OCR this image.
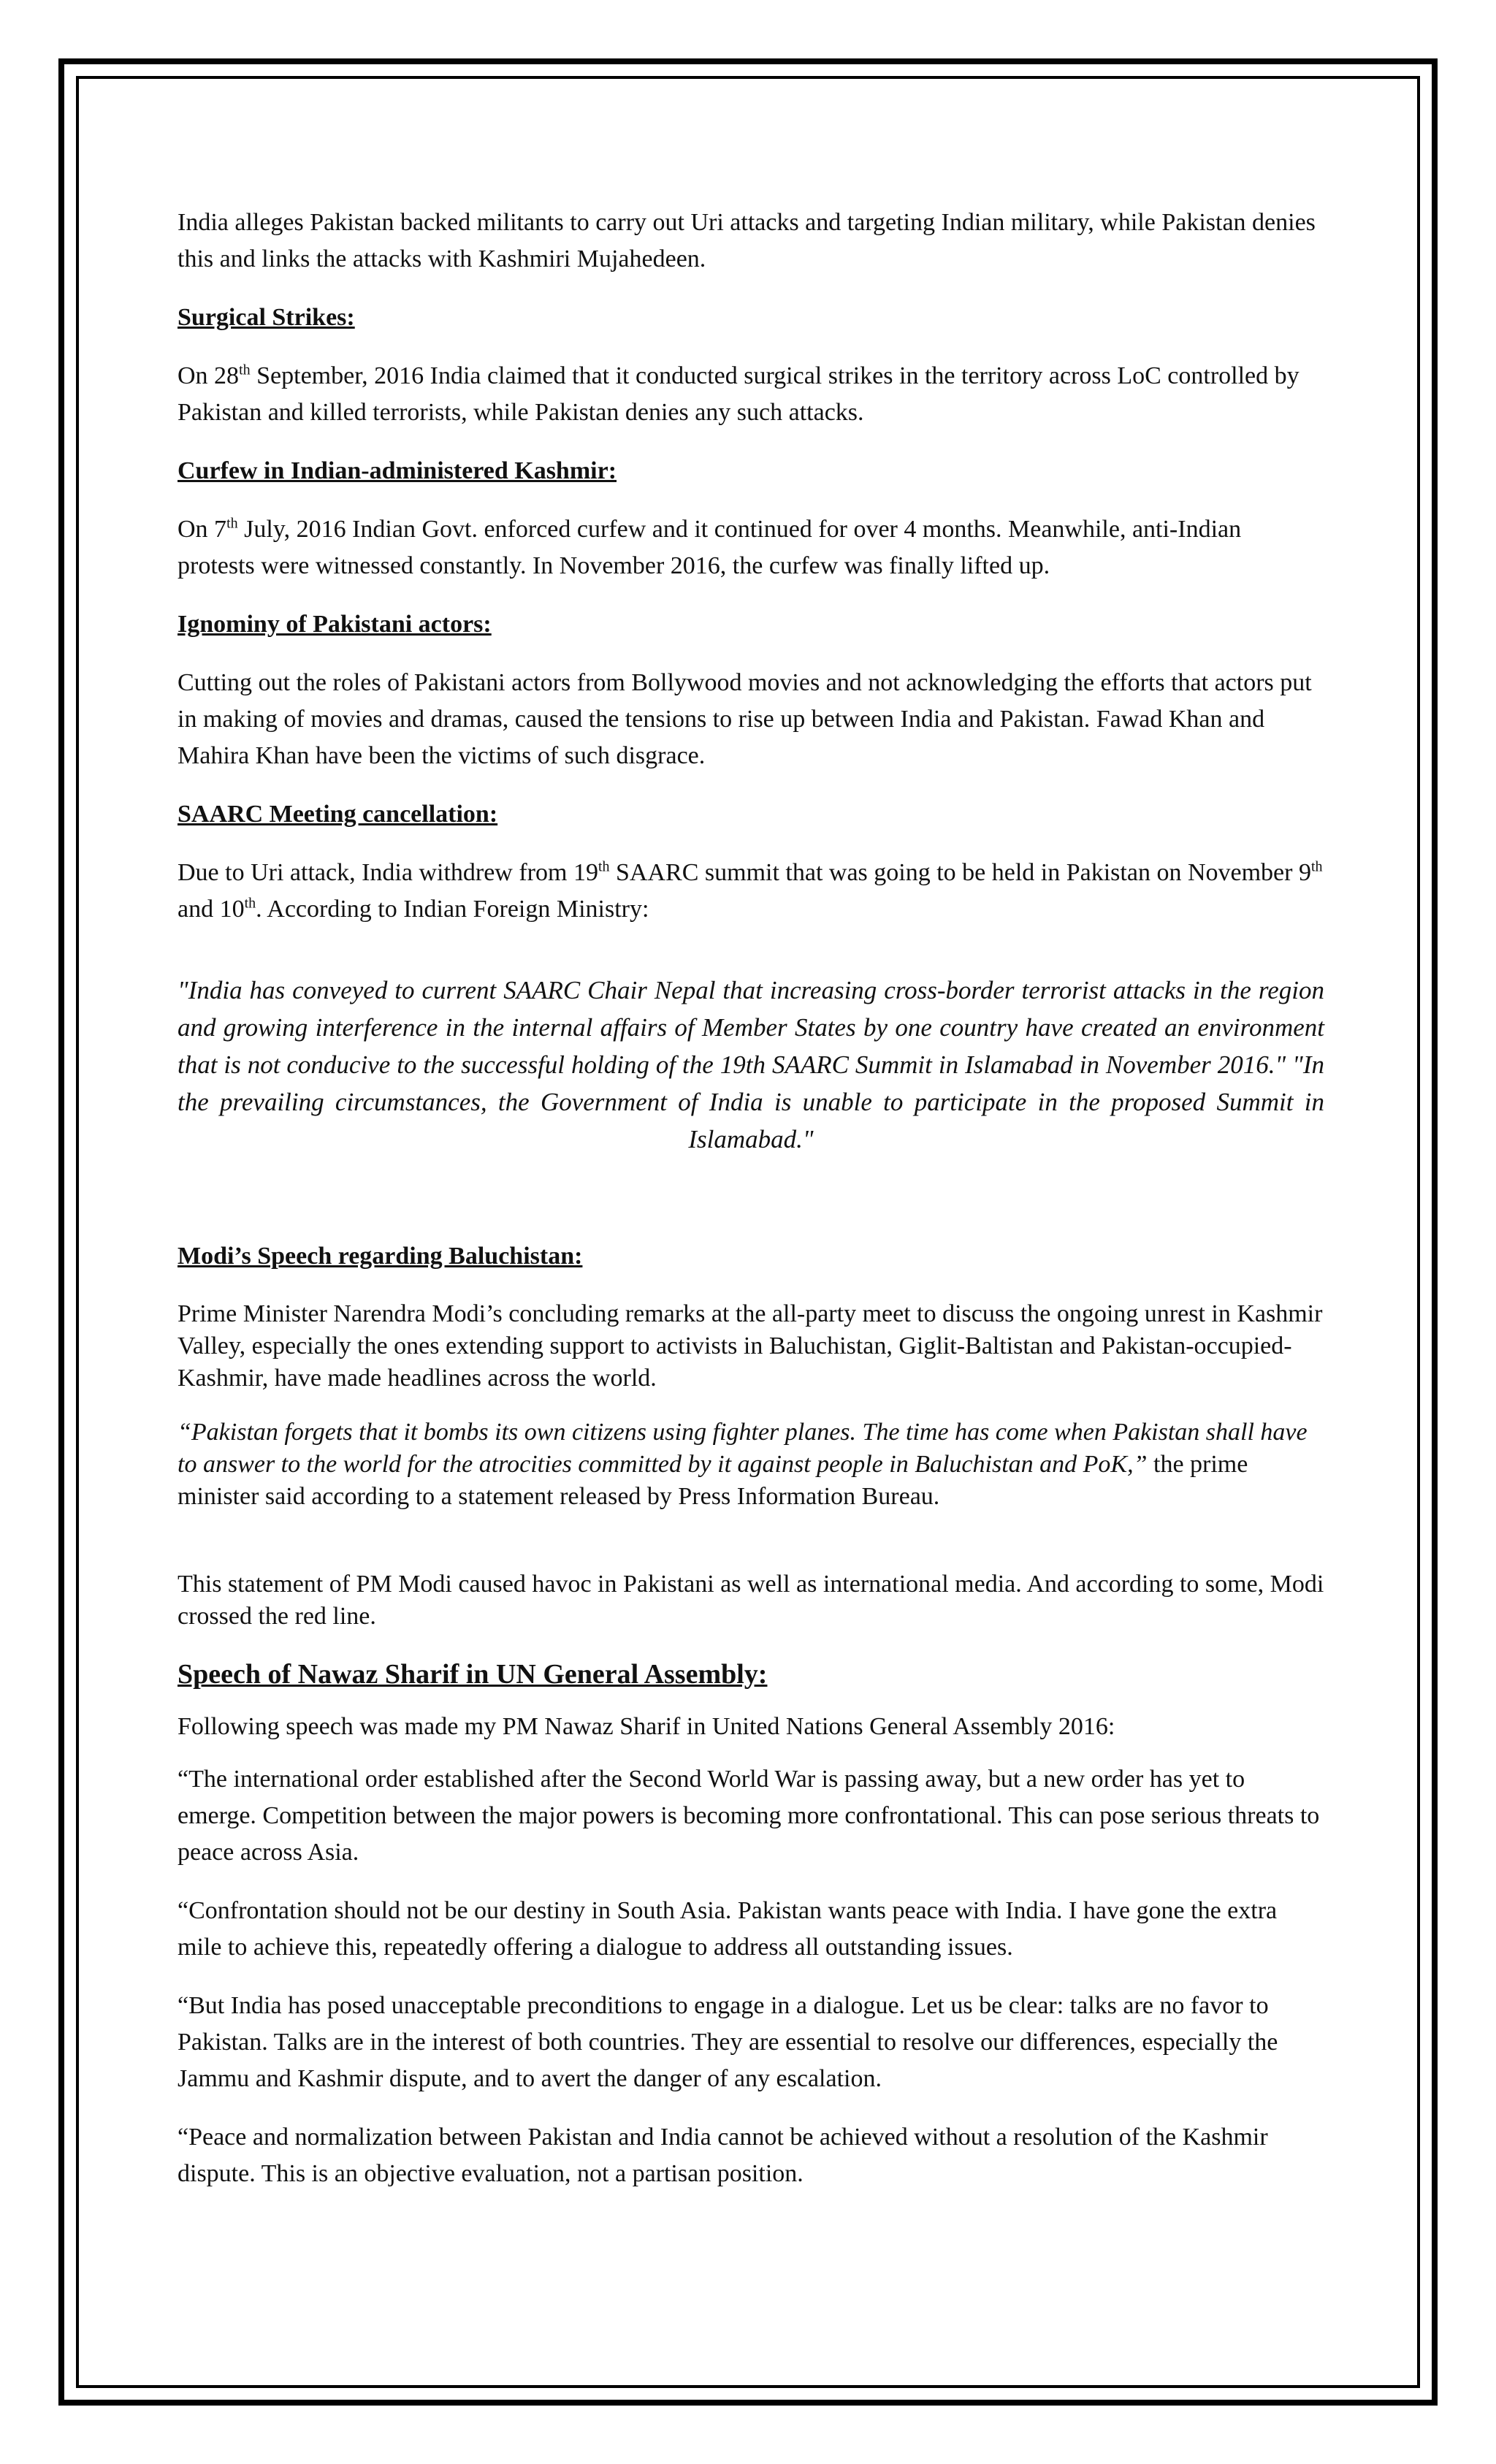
India alleges Pakistan backed militants to carry out Uri attacks and targeting Indian military, while Pakistan denies this and links the attacks with Kashmiri Mujahedeen.

Surgical Strikes:

On 28th September, 2016 India claimed that it conducted surgical strikes in the territory across LoC controlled by Pakistan and killed terrorists, while Pakistan denies any such attacks.

Curfew in Indian-administered Kashmir:

On 7th July, 2016 Indian Govt. enforced curfew and it continued for over 4 months. Meanwhile, anti-Indian protests were witnessed constantly. In November 2016, the curfew was finally lifted up.

Ignominy of Pakistani actors:

Cutting out the roles of Pakistani actors from Bollywood movies and not acknowledging the efforts that actors put in making of movies and dramas, caused the tensions to rise up between India and Pakistan. Fawad Khan and Mahira Khan have been the victims of such disgrace.

SAARC Meeting cancellation:

Due to Uri attack, India withdrew from 19th SAARC summit that was going to be held in Pakistan on November 9th and 10th. According to Indian Foreign Ministry:

"India has conveyed to current SAARC Chair Nepal that increasing cross-border terrorist attacks in the region and growing interference in the internal affairs of Member States by one country have created an environment that is not conducive to the successful holding of the 19th SAARC Summit in Islamabad in November 2016." "In the prevailing circumstances, the Government of India is unable to participate in the proposed Summit in Islamabad."

Modi’s Speech regarding Baluchistan:

Prime Minister Narendra Modi’s concluding remarks at the all-party meet to discuss the ongoing unrest in Kashmir Valley, especially the ones extending support to activists in Baluchistan, Giglit-Baltistan and Pakistan-occupied-Kashmir, have made headlines across the world.

“Pakistan forgets that it bombs its own citizens using fighter planes. The time has come when Pakistan shall have to answer to the world for the atrocities committed by it against people in Baluchistan and PoK,” the prime minister said according to a statement released by Press Information Bureau.

This statement of PM Modi caused havoc in Pakistani as well as international media. And according to some, Modi crossed the red line.

Speech of Nawaz Sharif in UN General Assembly:

Following speech was made my PM Nawaz Sharif in United Nations General Assembly 2016:

“The international order established after the Second World War is passing away, but a new order has yet to emerge. Competition between the major powers is becoming more confrontational. This can pose serious threats to peace across Asia.

“Confrontation should not be our destiny in South Asia. Pakistan wants peace with India. I have gone the extra mile to achieve this, repeatedly offering a dialogue to address all outstanding issues.

“But India has posed unacceptable preconditions to engage in a dialogue. Let us be clear: talks are no favor to Pakistan. Talks are in the interest of both countries. They are essential to resolve our differences, especially the Jammu and Kashmir dispute, and to avert the danger of any escalation.

“Peace and normalization between Pakistan and India cannot be achieved without a resolution of the Kashmir dispute. This is an objective evaluation, not a partisan position.
